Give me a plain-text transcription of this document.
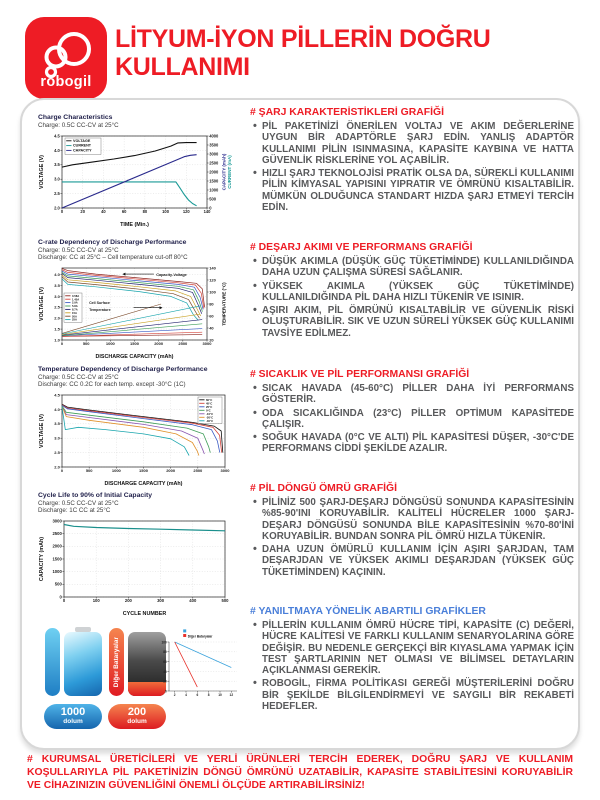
robogil
LİTYUM-İYON PİLLERİN DOĞRU
KULLANIMI
Charge Characteristics
Charge: 0.5C CC-CV at 25°C
0	20	40	60	80	100	120	140
2.0
2.5
3.0
3.5
4.0
4.5
0
500
1000
1500
2000
2500
3000
3500
4000
TIME (Min.)
VOLTAGE (V)	CAPACITY (mAh) CURRENT (mA)
VOLTAGE
CURRENT
CAPACITY
C-rate Dependency of Discharge Performance
Charge: 0.5C CC-CV at 25°C
Discharge: CC at 25°C – Cell temperature cut-off 80°C
0	500	1000	1500	2000	2500	3000
1.0
1.5
2.0
2.5
3.0
3.5
4.0
20
40
60
80
100
120
140
Capacity-Voltage
Cell Surface
Temperature
DISCHARGE CAPACITY (mAh)
VOLTAGE (V)	TEMPERATURE (°C)
0.58A
1.45A
2.9A
5.8A
8.7A
15A
20A
25A
Temperature Dependency of Discharge Performance
Charge: 0.5C CC-CV at 25°C
Discharge: CC 0.2C for each temp. except -30°C (1C)
0	500	1000	1500	2000	2500	3000
2.0
2.5
3.0
3.5
4.0
4.5
DISCHARGE CAPACITY (mAh)
VOLTAGE (V)
60°C
45°C
25°C
0°C
-10°C
-20°C
-30°C
Cycle Life to 90% of Initial Capacity
Charge: 0.5C CC-CV at 25°C
Discharge: 1C CC at 25°C
0	100	200	300	400	500
0
500
1000
1500
2000
2500
3000
CYCLE NUMBER
CAPACITY (mAh)
1000
dolum
Diğer Bataryalar
200
dolum
2	4	6	8	10 12
0
20
40
60
80
100
Diğer Bataryalar
# ŞARJ KARAKTERİSTİKLERİ GRAFİĞİ
• PİL PAKETİNİZİ ÖNERİLEN VOLTAJ VE AKIM DEĞERLERİNE UYGUN BİR ADAPTÖRLE ŞARJ EDİN. YANLIŞ ADAPTÖR KULLANIMI PİLİN ISINMASINA, KAPASİTE KAYBINA VE HATTA GÜVENLİK RİSKLERİNE YOL AÇABİLİR.
• HIZLI ŞARJ TEKNOLOJİSİ PRATİK OLSA DA, SÜREKLİ KULLANIMI PİLİN KİMYASAL YAPISINI YIPRATIR VE ÖMRÜNÜ KISALTABİLİR. MÜMKÜN OLDUĞUNCA STANDART HIZDA ŞARJ ETMEYİ TERCİH EDİN.
# DEŞARJ AKIMI VE PERFORMANS GRAFİĞİ
• DÜŞÜK AKIMLA (DÜŞÜK GÜÇ TÜKETİMİNDE) KULLANILDIĞINDA DAHA UZUN ÇALIŞMA SÜRESİ SAĞLANIR.
• YÜKSEK AKIMLA (YÜKSEK GÜÇ TÜKETİMİNDE) KULLANILDIĞINDA PİL DAHA HIZLI TÜKENİR VE ISINIR.
• AŞIRI AKIM, PİL ÖMRÜNÜ KISALTABİLİR VE GÜVENLİK RİSKİ OLUŞTURABİLİR. SIK VE UZUN SÜRELİ YÜKSEK GÜÇ KULLANIMI TAVSİYE EDİLMEZ.
# SICAKLIK VE PİL PERFORMANSI GRAFİĞİ
• SICAK HAVADA (45-60°C) PİLLER DAHA İYİ PERFORMANS GÖSTERİR.
• ODA SICAKLIĞINDA (23°C) PİLLER OPTİMUM KAPASİTEDE ÇALIŞIR.
• SOĞUK HAVADA (0°C VE ALTI) PİL KAPASİTESİ DÜŞER, -30°C'DE PERFORMANS CİDDİ ŞEKİLDE AZALIR.
# PİL DÖNGÜ ÖMRÜ GRAFİĞİ
• PİLİNİZ 500 ŞARJ-DEŞARJ DÖNGÜSÜ SONUNDA KAPASİTESİNİN %85-90'INI KORUYABİLİR. KALİTELİ HÜCRELER 1000 ŞARJ-DEŞARJ DÖNGÜSÜ SONUNDA BİLE KAPASİTESİNİN %70-80'İNİ KORUYABİLİR. BUNDAN SONRA PİL ÖMRÜ HIZLA TÜKENİR.
• DAHA UZUN ÖMÜRLÜ KULLANIM İÇİN AŞIRI ŞARJDAN, TAM DEŞARJDAN VE YÜKSEK AKIMLI DEŞARJDAN (YÜKSEK GÜÇ TÜKETİMİNDEN) KAÇININ.
# YANILTMAYA YÖNELİK ABARTILI GRAFİKLER
• PİLLERİN KULLANIM ÖMRÜ HÜCRE TİPİ, KAPASİTE (C) DEĞERİ, HÜCRE KALİTESİ VE FARKLI KULLANIM SENARYOLARINA GÖRE DEĞİŞİR. BU NEDENLE GERÇEKÇİ BİR KIYASLAMA YAPMAK İÇİN TEST ŞARTLARININ NET OLMASI VE BİLİMSEL DETAYLARIN AÇIKLANMASI GEREKİR.
• ROBOGİL, FİRMA POLİTİKASI GEREĞİ MÜŞTERİLERİNİ DOĞRU BİR ŞEKİLDE BİLGİLENDİRMEYİ VE SAYGILI BİR REKABETİ HEDEFLER.
# KURUMSAL ÜRETİCİLERİ VE YERLİ ÜRÜNLERİ TERCİH EDEREK, DOĞRU ŞARJ VE KULLANIM KOŞULLARIYLA PİL PAKETİNİZİN DÖNGÜ ÖMRÜNÜ UZATABİLİR, KAPASİTE STABİLİTESİNİ KORUYABİLİR VE CİHAZINIZIN GÜVENLİĞİNİ ÖNEMLİ ÖLÇÜDE ARTIRABİLİRSİNİZ!
